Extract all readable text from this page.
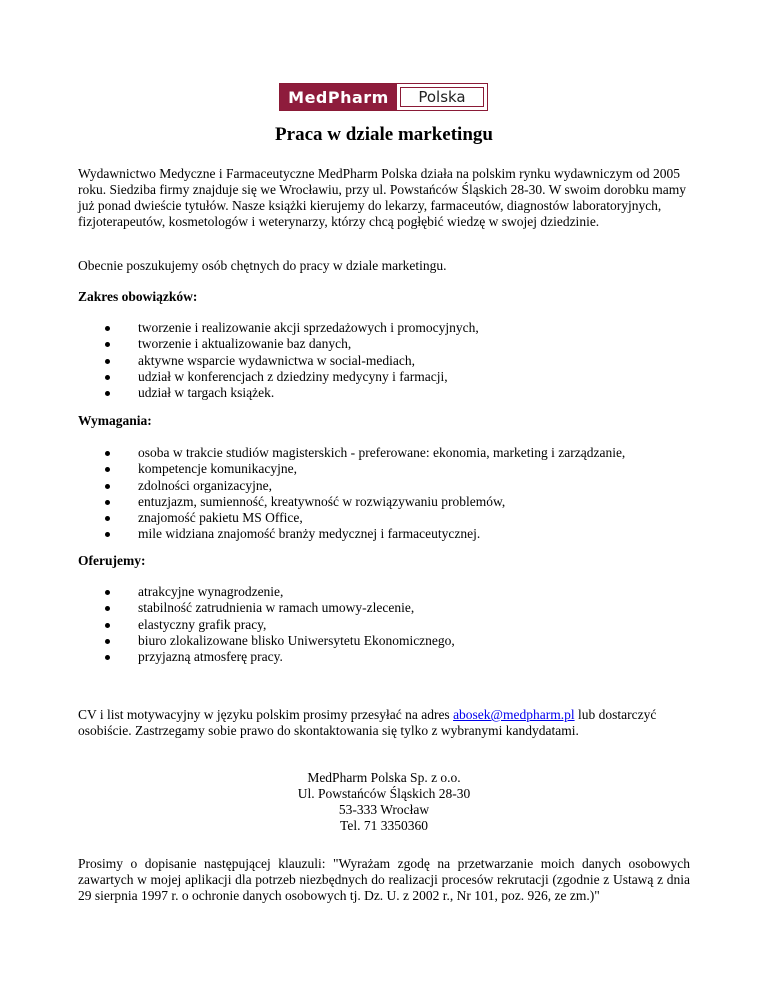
MedPharm	Polska
Praca w dziale marketingu

Wydawnictwo Medyczne i Farmaceutyczne MedPharm Polska działa na polskim rynku wydawniczym od 2005 roku. Siedziba firmy znajduje się we Wrocławiu, przy ul. Powstańców Śląskich 28-30. W swoim dorobku mamy już ponad dwieście tytułów. Nasze książki kierujemy do lekarzy, farmaceutów, diagnostów laboratoryjnych, fizjoterapeutów, kosmetologów i weterynarzy, którzy chcą pogłębić wiedzę w swojej dziedzinie.

Obecnie poszukujemy osób chętnych do pracy w dziale marketingu.

Zakres obowiązków:

tworzenie i realizowanie akcji sprzedażowych i promocyjnych,
tworzenie i aktualizowanie baz danych,
aktywne wsparcie wydawnictwa w social-mediach,
udział w konferencjach z dziedziny medycyny i farmacji,
udział w targach książek.

Wymagania:

osoba w trakcie studiów magisterskich - preferowane: ekonomia, marketing i zarządzanie,
kompetencje komunikacyjne,
zdolności organizacyjne,
entuzjazm, sumienność, kreatywność w rozwiązywaniu problemów,
znajomość pakietu MS Office,
mile widziana znajomość branży medycznej i farmaceutycznej.

Oferujemy:

atrakcyjne wynagrodzenie,
stabilność zatrudnienia w ramach umowy-zlecenie,
elastyczny grafik pracy,
biuro zlokalizowane blisko Uniwersytetu Ekonomicznego,
przyjazną atmosferę pracy.

CV i list motywacyjny w języku polskim prosimy przesyłać na adres abosek@medpharm.pl lub dostarczyć osobiście. Zastrzegamy sobie prawo do skontaktowania się tylko z wybranymi kandydatami.

MedPharm Polska Sp. z o.o.
Ul. Powstańców Śląskich 28-30
53-333 Wrocław
Tel. 71 3350360

Prosimy o dopisanie następującej klauzuli: "Wyrażam zgodę na przetwarzanie moich danych osobowych zawartych w mojej aplikacji dla potrzeb niezbędnych do realizacji procesów rekrutacji (zgodnie z Ustawą z dnia 29 sierpnia 1997 r. o ochronie danych osobowych tj. Dz. U. z 2002 r., Nr 101, poz. 926, ze zm.)"
